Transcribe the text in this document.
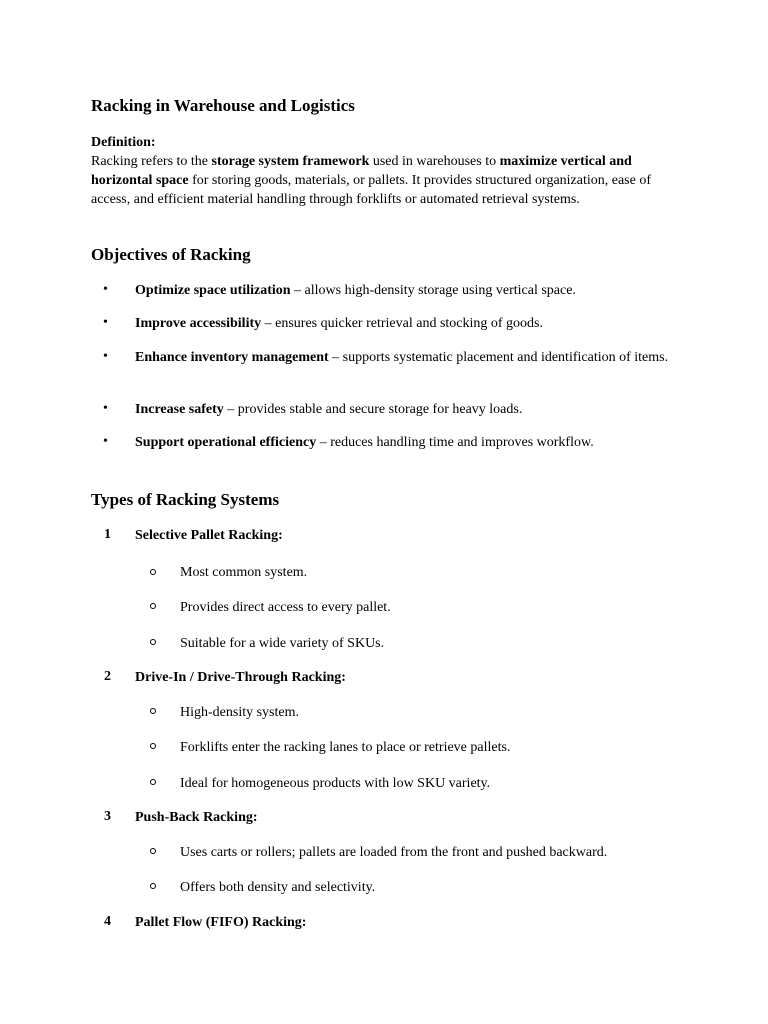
Racking in Warehouse and Logistics
Definition:
Racking refers to the storage system framework used in warehouses to maximize vertical and horizontal space for storing goods, materials, or pallets. It provides structured organization, ease of access, and efficient material handling through forklifts or automated retrieval systems.
Objectives of Racking
•	Optimize space utilization – allows high-density storage using vertical space.
•	Improve accessibility – ensures quicker retrieval and stocking of goods.
•	Enhance inventory management – supports systematic placement and identification of items.
•	Increase safety – provides stable and secure storage for heavy loads.
•	Support operational efficiency – reduces handling time and improves workflow.
Types of Racking Systems
1 Selective Pallet Racking:
Most common system.
Provides direct access to every pallet.
Suitable for a wide variety of SKUs.
2 Drive-In / Drive-Through Racking:
High-density system.
Forklifts enter the racking lanes to place or retrieve pallets.
Ideal for homogeneous products with low SKU variety.
3 Push-Back Racking:
Uses carts or rollers; pallets are loaded from the front and pushed backward.
Offers both density and selectivity.
4 Pallet Flow (FIFO) Racking:
